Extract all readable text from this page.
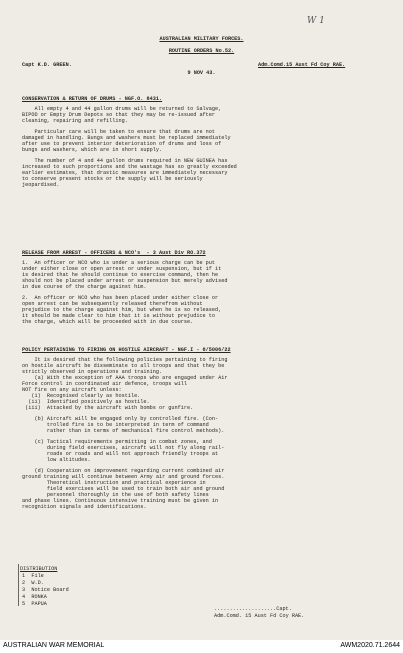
W 1
AUSTRALIAN MILITARY FORCES.
ROUTINE ORDERS No.52.
Capt K.D. GREEN.	Adm.Comd.15 Aust Fd Coy RAE.
9 NOV 43.
CONSERVATION & RETURN OF DRUMS - NGF.O. 8431.
All empty 4 and 44 gallon drums will be returned to Salvage,
BIPOD or Empty Drum Depots so that they may be re-issued after
cleaning, repairing and refilling.
Particular care will be taken to ensure that drums are not
damaged in handling. Bungs and washers must be replaced immediately
after use to prevent interior deterioration of drums and loss of
bungs and washers, which are in short supply.
The number of 4 and 44 gallon drums required in NEW GUINEA has
increased to such proportions and the wastage has so greatly exceeded
earlier estimates, that drastic measures are immediately necessary
to conserve present stocks or the supply will be seriously
jeopardised.
RELEASE FROM ARREST - OFFICERS & NCO's  - 3 Aust Div RO.372
1.  An officer or NCO who is under a serious charge can be put
under either close or open arrest or under suspension, but if it
is desired that he should continue to exercise command, then he
should not be placed under arrest or suspension but merely advised
in due course of the charge against him.
2.  An officer or NCO who has been placed under either close or
open arrest can be subsequently released therefrom without
prejudice to the charge against him, but when he is so released,
it should be made clear to him that it is without prejudice to
the charge, which will be proceeded with in due course.
POLICY PERTAINING TO FIRING ON HOSTILE AIRCRAFT - NGF.I - 8/5006/22
It is desired that the following policies pertaining to firing
on hostile aircraft be disseminate to all troops and that they be
strictly observed in operations and training.
(a) With the exception of AAA troops who are engaged under Air
Force control in coordinated air defence, troops will
NOT fire on any aircraft unless:
(i)  Recognised clearly as hostile.
(ii)  Identified positively as hostile.
(iii)  Attacked by the aircraft with bombs or gunfire.
(b) Aircraft will be engaged only by controlled fire. (Con-
trolled fire is to be interpreted in term of command
rather than in terms of mechanical fire control methods).
(c) Tactical requirements permitting in combat zones, and
during field exercises, aircraft will not fly along rail-
roads or roads and will not approach friendly troops at
low altitudes.
(d) Cooperation on improvement regarding current combined air
ground training will continue between Army air and ground forces.
Theoretical instruction and practical experience in
field exercises will be used to train both air and ground
personnel thoroughly in the use of both safety lines
and phase lines. Continuous intensive training must be given in
recognition signals and identifications.
DISTRIBUTION
1  File
2  W.D.
3  Notice Board
4  RONKA
5  PAPUA
....................Capt.
Adm.Comd. 15 Aust Fd Coy RAE.
AUSTRALIAN WAR MEMORIAL	AWM2020.71.2644
